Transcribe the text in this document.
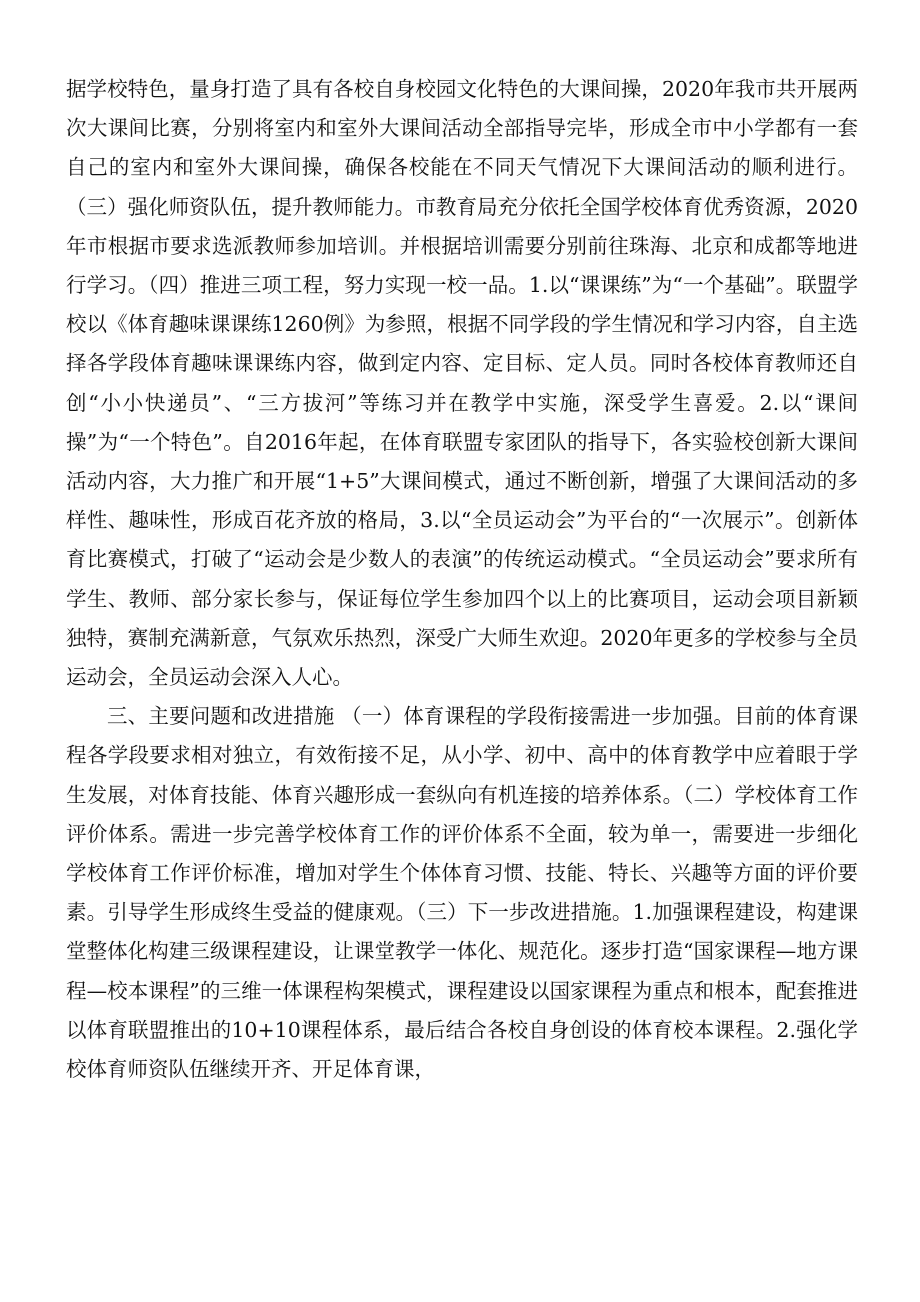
据学校特色，量身打造了具有各校自身校园文化特色的大课间操，2020年我市共开展两次大课间比赛，分别将室内和室外大课间活动全部指导完毕，形成全市中小学都有一套自己的室内和室外大课间操，确保各校能在不同天气情况下大课间活动的顺利进行。（三）强化师资队伍，提升教师能力。市教育局充分依托全国学校体育优秀资源，2020年市根据市要求选派教师参加培训。并根据培训需要分别前往珠海、北京和成都等地进行学习。（四）推进三项工程，努力实现一校一品。1.以“课课练”为“一个基础”。联盟学校以《体育趣味课课练1260例》为参照，根据不同学段的学生情况和学习内容，自主选择各学段体育趣味课课练内容，做到定内容、定目标、定人员。同时各校体育教师还自创“小小快递员”、“三方拔河”等练习并在教学中实施，深受学生喜爱。2.以“课间操”为“一个特色”。自2016年起，在体育联盟专家团队的指导下，各实验校创新大课间活动内容，大力推广和开展“1+5”大课间模式，通过不断创新，增强了大课间活动的多样性、趣味性，形成百花齐放的格局，3.以“全员运动会”为平台的“一次展示”。创新体育比赛模式，打破了“运动会是少数人的表演”的传统运动模式。“全员运动会”要求所有学生、教师、部分家长参与，保证每位学生参加四个以上的比赛项目，运动会项目新颖独特，赛制充满新意，气氛欢乐热烈，深受广大师生欢迎。2020年更多的学校参与全员运动会，全员运动会深入人心。

三、主要问题和改进措施 （一）体育课程的学段衔接需进一步加强。目前的体育课程各学段要求相对独立，有效衔接不足，从小学、初中、高中的体育教学中应着眼于学生发展，对体育技能、体育兴趣形成一套纵向有机连接的培养体系。（二）学校体育工作评价体系。需进一步完善学校体育工作的评价体系不全面，较为单一，需要进一步细化学校体育工作评价标准，增加对学生个体体育习惯、技能、特长、兴趣等方面的评价要素。引导学生形成终生受益的健康观。（三）下一步改进措施。1.加强课程建设，构建课堂整体化构建三级课程建设，让课堂教学一体化、规范化。逐步打造“国家课程—地方课程—校本课程”的三维一体课程构架模式，课程建设以国家课程为重点和根本，配套推进以体育联盟推出的10+10课程体系，最后结合各校自身创设的体育校本课程。2.强化学校体育师资队伍继续开齐、开足体育课，
